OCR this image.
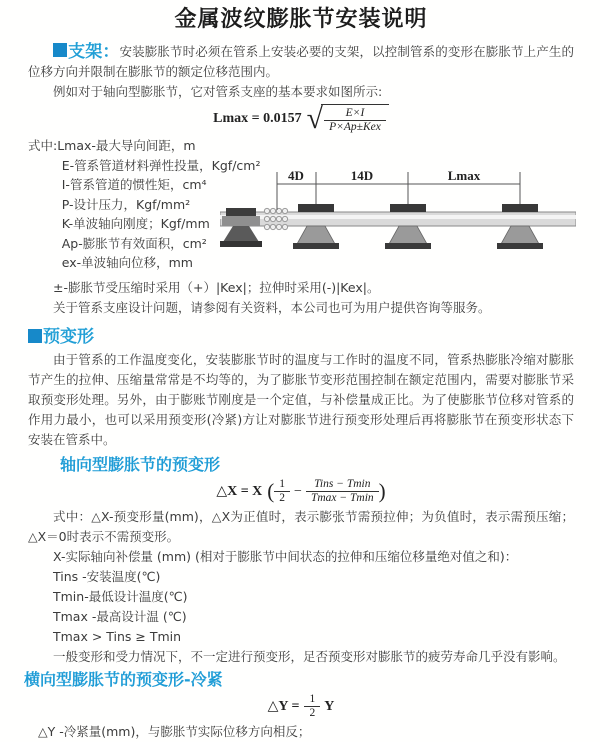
金属波纹膨胀节安装说明

支架：安装膨胀节时必须在管系上安装必要的支架，以控制管系的变形在膨胀节上产生的位移方向并限制在膨胀节的额定位移范围内。

例如对于轴向型膨胀节，它对管系支座的基本要求如图所示:

Lmax = 0.0157 √ $\frac{E\times I}{\text{P×Ap±Kex}}$
式中:Lmax-最大导向间距，m
E-管系管道材料弹性投量，Kgf/cm²
I-管系管道的惯性矩，cm⁴
P-设计压力，Kgf/mm²
K-单波轴向刚度；Kgf/mm
Ap-膨胀节有效面积，cm²
ex-单波轴向位移，mm
4D	14D	Lmax

±-膨胀节受压缩时采用（+）|Kex|；拉伸时采用(-)|Kex|。

关于管系支座设计问题，请参阅有关资料，本公司也可为用户提供咨询等服务。

预变形

由于管系的工作温度变化，安装膨胀节时的温度与工作时的温度不同，管系热膨胀冷缩对膨胀节产生的拉伸、压缩量常常是不均等的，为了膨胀节变形范围控制在额定范围内，需要对膨胀节采取预变形处理。另外，由于膨账节刚度是一个定值，与补偿量成正比。为了使膨胀节位移对管系的作用力最小，也可以采用预变形(冷紧)方让对膨胀节进行预变形处理后再将膨胀节在预变形状态下安装在管系中。

轴向型膨胀节的预变形
△X = X ( $\frac{1}{2} - \frac{\text{Tins − Tmin}}{Tmax - Tmin}$ )

式中：△X-预变形量(mm)，△X为正值时，表示膨张节需预拉伸；为负值时，表示需预压缩；△X＝0时表示不需预变形。

X-实际轴向补偿量 (mm) (相对于膨胀节中间状态的拉伸和压缩位移量绝对值之和)：

Tins -安装温度(℃)
Tmin-最低设计温度(℃)
Tmax -最高设计温 (℃)
Tmax > Tins ≥ Tmin

一般变形和受力情况下，不一定进行预变形，足否预变形对膨胀节的疲劳寿命几乎没有影响。

横向型膨胀节的预变形-冷紧
△Y = $\frac{1}{2}$ Y

△Y -冷紧量(mm)，与膨胀节实际位移方向相反；
